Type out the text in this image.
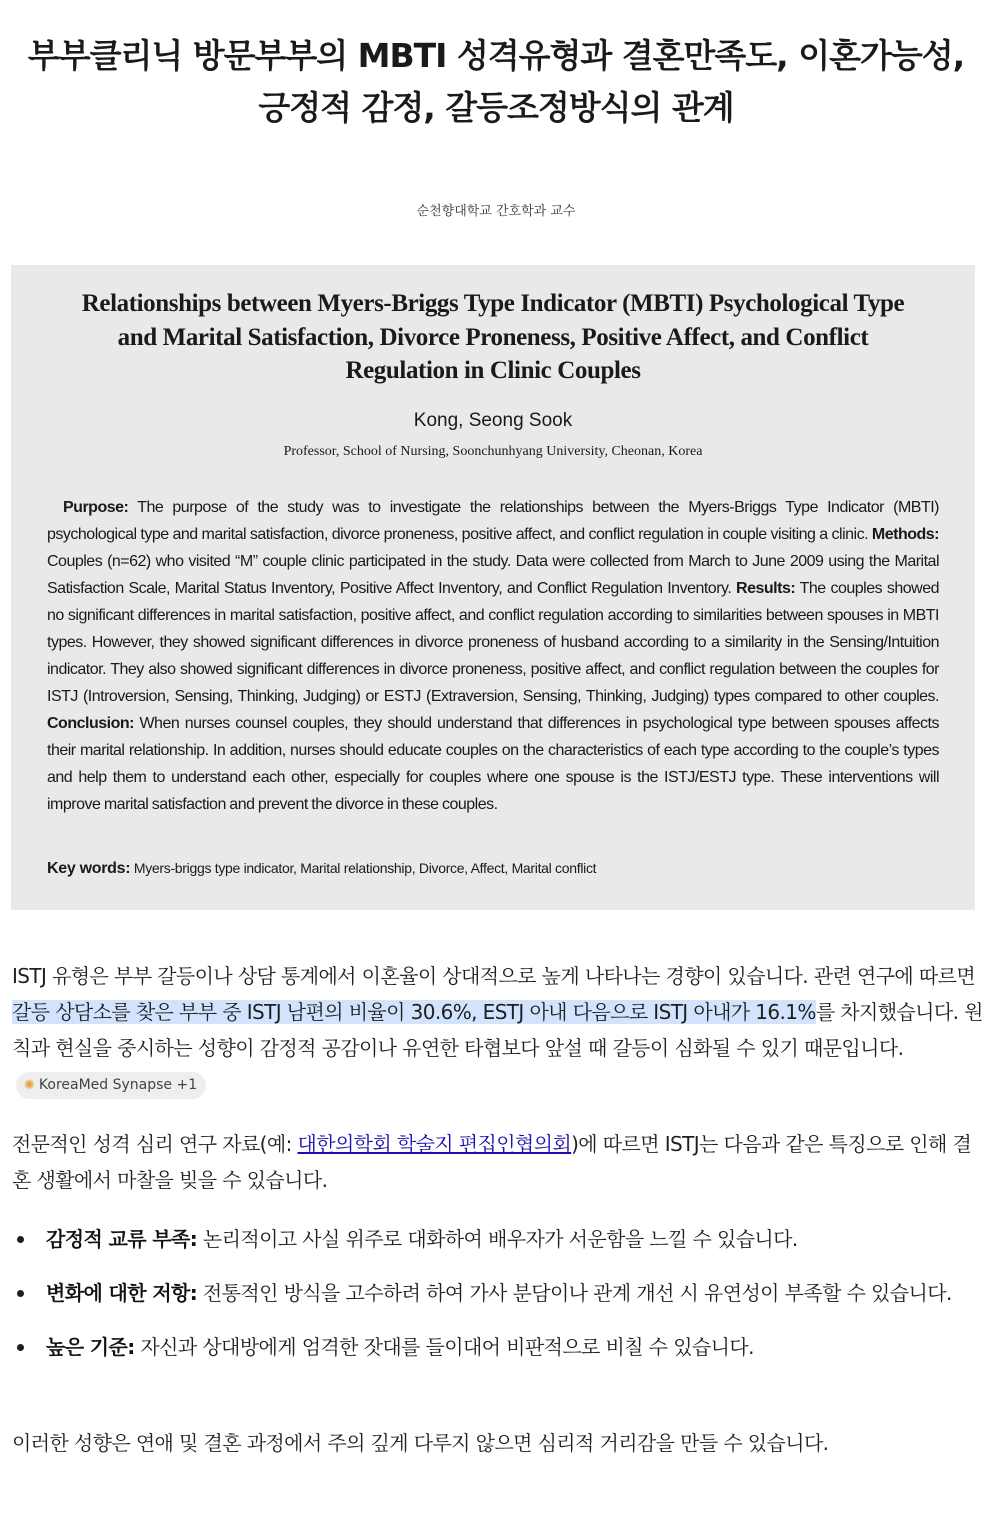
부부클리닉 방문부부의 MBTI 성격유형과 결혼만족도, 이혼가능성,
긍정적 감정, 갈등조정방식의 관계
순천향대학교 간호학과 교수
Relationships between Myers-Briggs Type Indicator (MBTI) Psychological Type
and Marital Satisfaction, Divorce Proneness, Positive Affect, and Conflict
Regulation in Clinic Couples
Kong, Seong Sook
Professor, School of Nursing, Soonchunhyang University, Cheonan, Korea
Purpose: The purpose of the study was to investigate the relationships between the Myers-Briggs Type Indicator (MBTI) psychological type and marital satisfaction, divorce proneness, positive affect, and conflict regulation in couple visiting a clinic. Methods: Couples (n=62) who visited “M” couple clinic participated in the study. Data were collected from March to June 2009 using the Marital Satisfaction Scale, Marital Status Inventory, Positive Affect Inventory, and Conflict Regulation Inventory. Results: The couples showed no significant differences in marital satisfaction, positive affect, and conflict regulation according to similarities between spouses in MBTI types. However, they showed significant differences in divorce proneness of husband according to a similarity in the Sensing/Intuition indicator. They also showed significant differences in divorce proneness, positive affect, and conflict regulation between the couples for ISTJ (Introversion, Sensing, Thinking, Judging) or ESTJ (Extraversion, Sensing, Thinking, Judging) types compared to other couples. Conclusion: When nurses counsel couples, they should understand that differences in psychological type between spouses affects their marital relationship. In addition, nurses should educate couples on the characteristics of each type according to the couple’s types and help them to understand each other, especially for couples where one spouse is the ISTJ/ESTJ type. These interventions will improve marital satisfaction and prevent the divorce in these couples.
Key words: Myers-briggs type indicator, Marital relationship, Divorce, Affect, Marital conflict
ISTJ 유형은 부부 갈등이나 상담 통계에서 이혼율이 상대적으로 높게 나타나는 경향이 있습니다. 관련 연구에 따르면 갈등 상담소를 찾은 부부 중 ISTJ 남편의 비율이 30.6%, ESTJ 아내 다음으로 ISTJ 아내가 16.1%를 차지했습니다. 원칙과 현실을 중시하는 성향이 감정적 공감이나 유연한 타협보다 앞설 때 갈등이 심화될 수 있기 때문입니다. ✺ KoreaMed Synapse +1
전문적인 성격 심리 연구 자료(예: 대한의학회 학술지 편집인협의회)에 따르면 ISTJ는 다음과 같은 특징으로 인해 결혼 생활에서 마찰을 빚을 수 있습니다.
감정적 교류 부족: 논리적이고 사실 위주로 대화하여 배우자가 서운함을 느낄 수 있습니다.
변화에 대한 저항: 전통적인 방식을 고수하려 하여 가사 분담이나 관계 개선 시 유연성이 부족할 수 있습니다.
높은 기준: 자신과 상대방에게 엄격한 잣대를 들이대어 비판적으로 비칠 수 있습니다.
이러한 성향은 연애 및 결혼 과정에서 주의 깊게 다루지 않으면 심리적 거리감을 만들 수 있습니다.
